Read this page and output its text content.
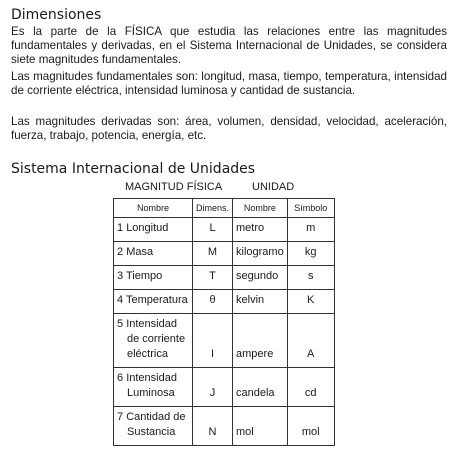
Dimensiones

Es la parte de la FÍSICA que estudia las relaciones entre las magnitudes fundamentales y derivadas, en el Sistema Internacional de Unidades, se considera siete magnitudes fundamentales.

Las magnitudes fundamentales son: longitud, masa, tiempo, temperatura, intensidad de corriente eléctrica, intensidad luminosa y cantidad de sustancia.

Las magnitudes derivadas son: área, volumen, densidad, velocidad, aceleración, fuerza, trabajo, potencia, energía, etc.

Sistema Internacional de Unidades
MAGNITUD FÍSICA	UNIDAD
Nombre	Dimens.	Nombre	Símbolo
1 Longitud	L	metro	m
2 Masa	M	kilogramo	kg
3 Tiempo	T	segundo	s
4 Temperatura	θ	kelvin	K

5 Intensidad
de corriente
eléctrica	I	ampere	A

6 Intensidad
Luminosa	J	candela	cd

7 Cantidad de
Sustancia	N	mol	mol
